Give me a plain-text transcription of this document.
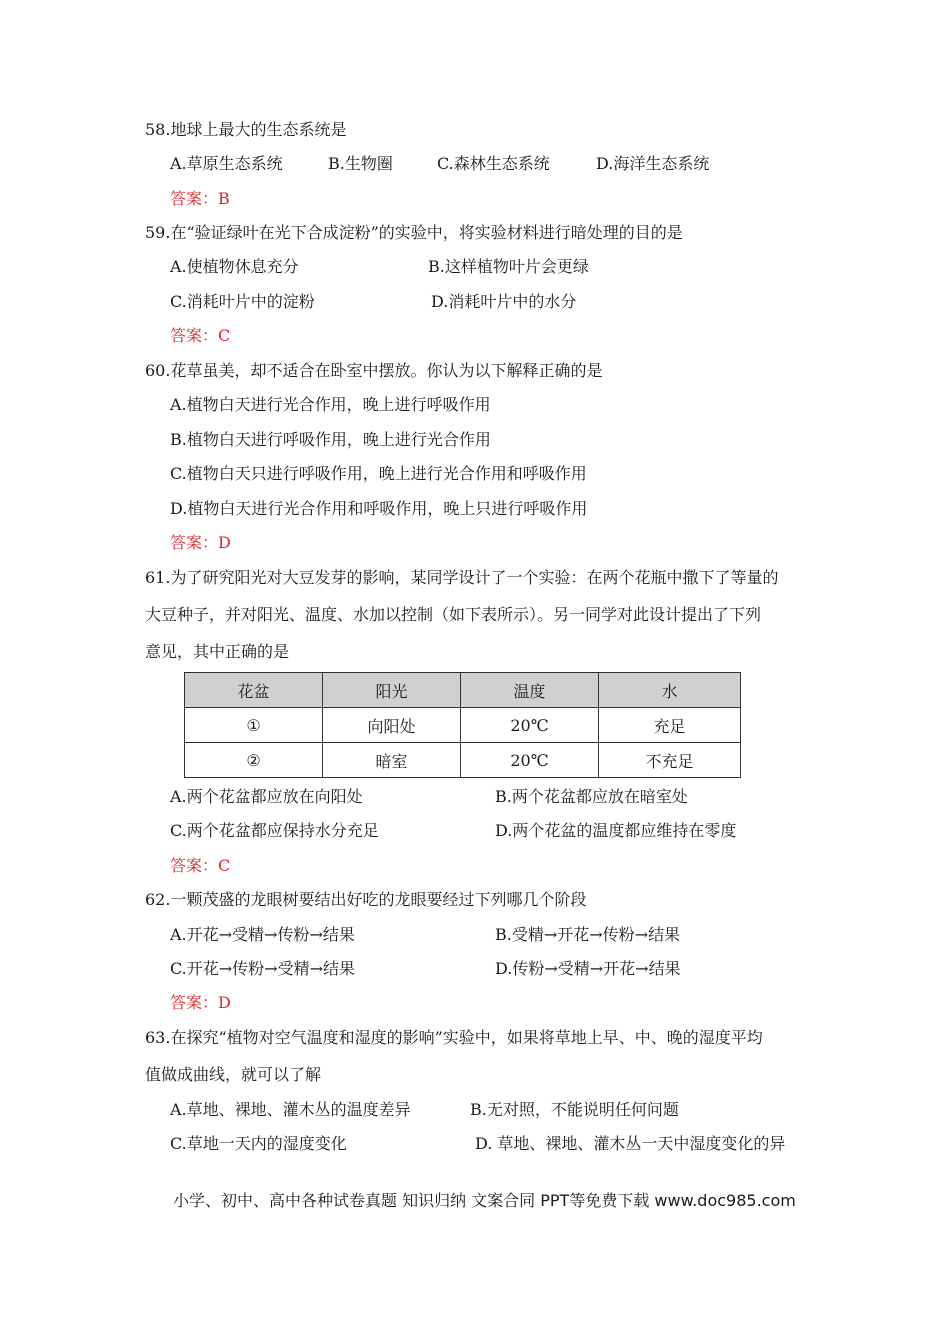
58.地球上最大的生态系统是
A.草原生态系统	B.生物圈	C.森林生态系统	D.海洋生态系统
答案：B
59.在“验证绿叶在光下合成淀粉”的实验中，将实验材料进行暗处理的目的是
A.使植物休息充分	B.这样植物叶片会更绿
C.消耗叶片中的淀粉	D.消耗叶片中的水分
答案：C
60.花草虽美，却不适合在卧室中摆放。你认为以下解释正确的是
A.植物白天进行光合作用，晚上进行呼吸作用
B.植物白天进行呼吸作用，晚上进行光合作用
C.植物白天只进行呼吸作用，晚上进行光合作用和呼吸作用
D.植物白天进行光合作用和呼吸作用，晚上只进行呼吸作用
答案：D
61.为了研究阳光对大豆发芽的影响，某同学设计了一个实验：在两个花瓶中撒下了等量的
大豆种子，并对阳光、温度、水加以控制（如下表所示）。另一同学对此设计提出了下列
意见，其中正确的是
花盆	阳光	温度	水
①	向阳处	20℃	充足
②	暗室	20℃	不充足
A.两个花盆都应放在向阳处	B.两个花盆都应放在暗室处
C.两个花盆都应保持水分充足	D.两个花盆的温度都应维持在零度
答案：C
62.一颗茂盛的龙眼树要结出好吃的龙眼要经过下列哪几个阶段
A.开花→受精→传粉→结果	B.受精→开花→传粉→结果
C.开花→传粉→受精→结果	D.传粉→受精→开花→结果
答案：D
63.在探究“植物对空气温度和湿度的影响”实验中，如果将草地上早、中、晚的湿度平均
值做成曲线，就可以了解
A.草地、裸地、灌木丛的温度差异	B.无对照，不能说明任何问题
C.草地一天内的湿度变化	D. 草地、裸地、灌木丛一天中湿度变化的异
小学、初中、高中各种试卷真题 知识归纳 文案合同 PPT等免费下载 www.doc985.com
